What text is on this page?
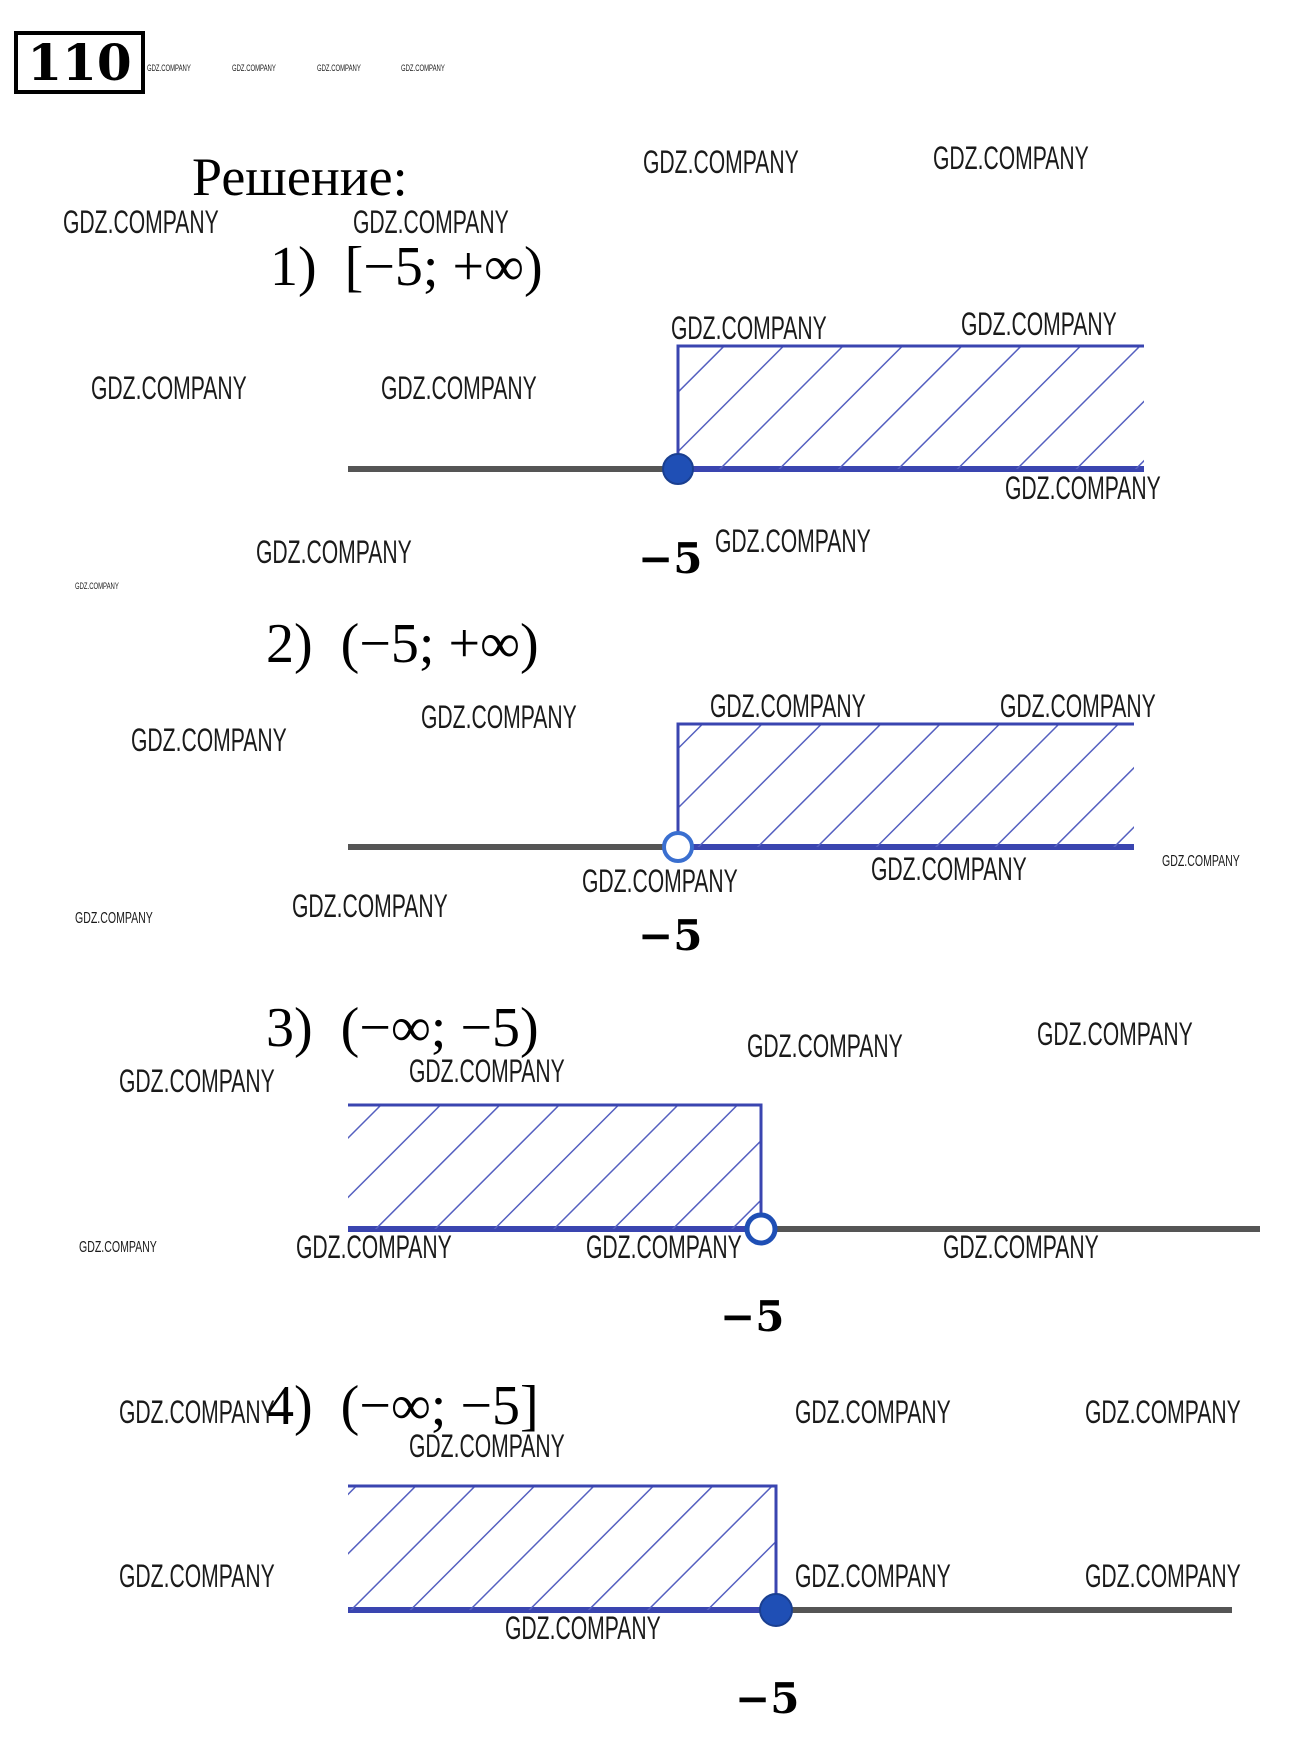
110
Решение:
1) [−5; +∞)
2) (−5; +∞)
3) (−∞; −5)
4) (−∞; −5]
−5
−5
−5
−5
GDZ.COMPANY	GDZ.COMPANY	GDZ.COMPANY	GDZ.COMPANY
GDZ.COMPANY	GDZ.COMPANY
GDZ.COMPANY	GDZ.COMPANY
GDZ.COMPANY	GDZ.COMPANY
GDZ.COMPANY	GDZ.COMPANY
GDZ.COMPANY
GDZ.COMPANY
GDZ.COMPANY
GDZ.COMPANY
GDZ.COMPANY	GDZ.COMPANY
GDZ.COMPANY
GDZ.COMPANY
GDZ.COMPANY
GDZ.COMPANY
GDZ.COMPANY
GDZ.COMPANY
GDZ.COMPANY
GDZ.COMPANY
GDZ.COMPANY
GDZ.COMPANY
GDZ.COMPANY
GDZ.COMPANY	GDZ.COMPANY	GDZ.COMPANY
GDZ.COMPANY
GDZ.COMPANY	GDZ.COMPANY	GDZ.COMPANY
GDZ.COMPANY
GDZ.COMPANY	GDZ.COMPANY	GDZ.COMPANY
GDZ.COMPANY
